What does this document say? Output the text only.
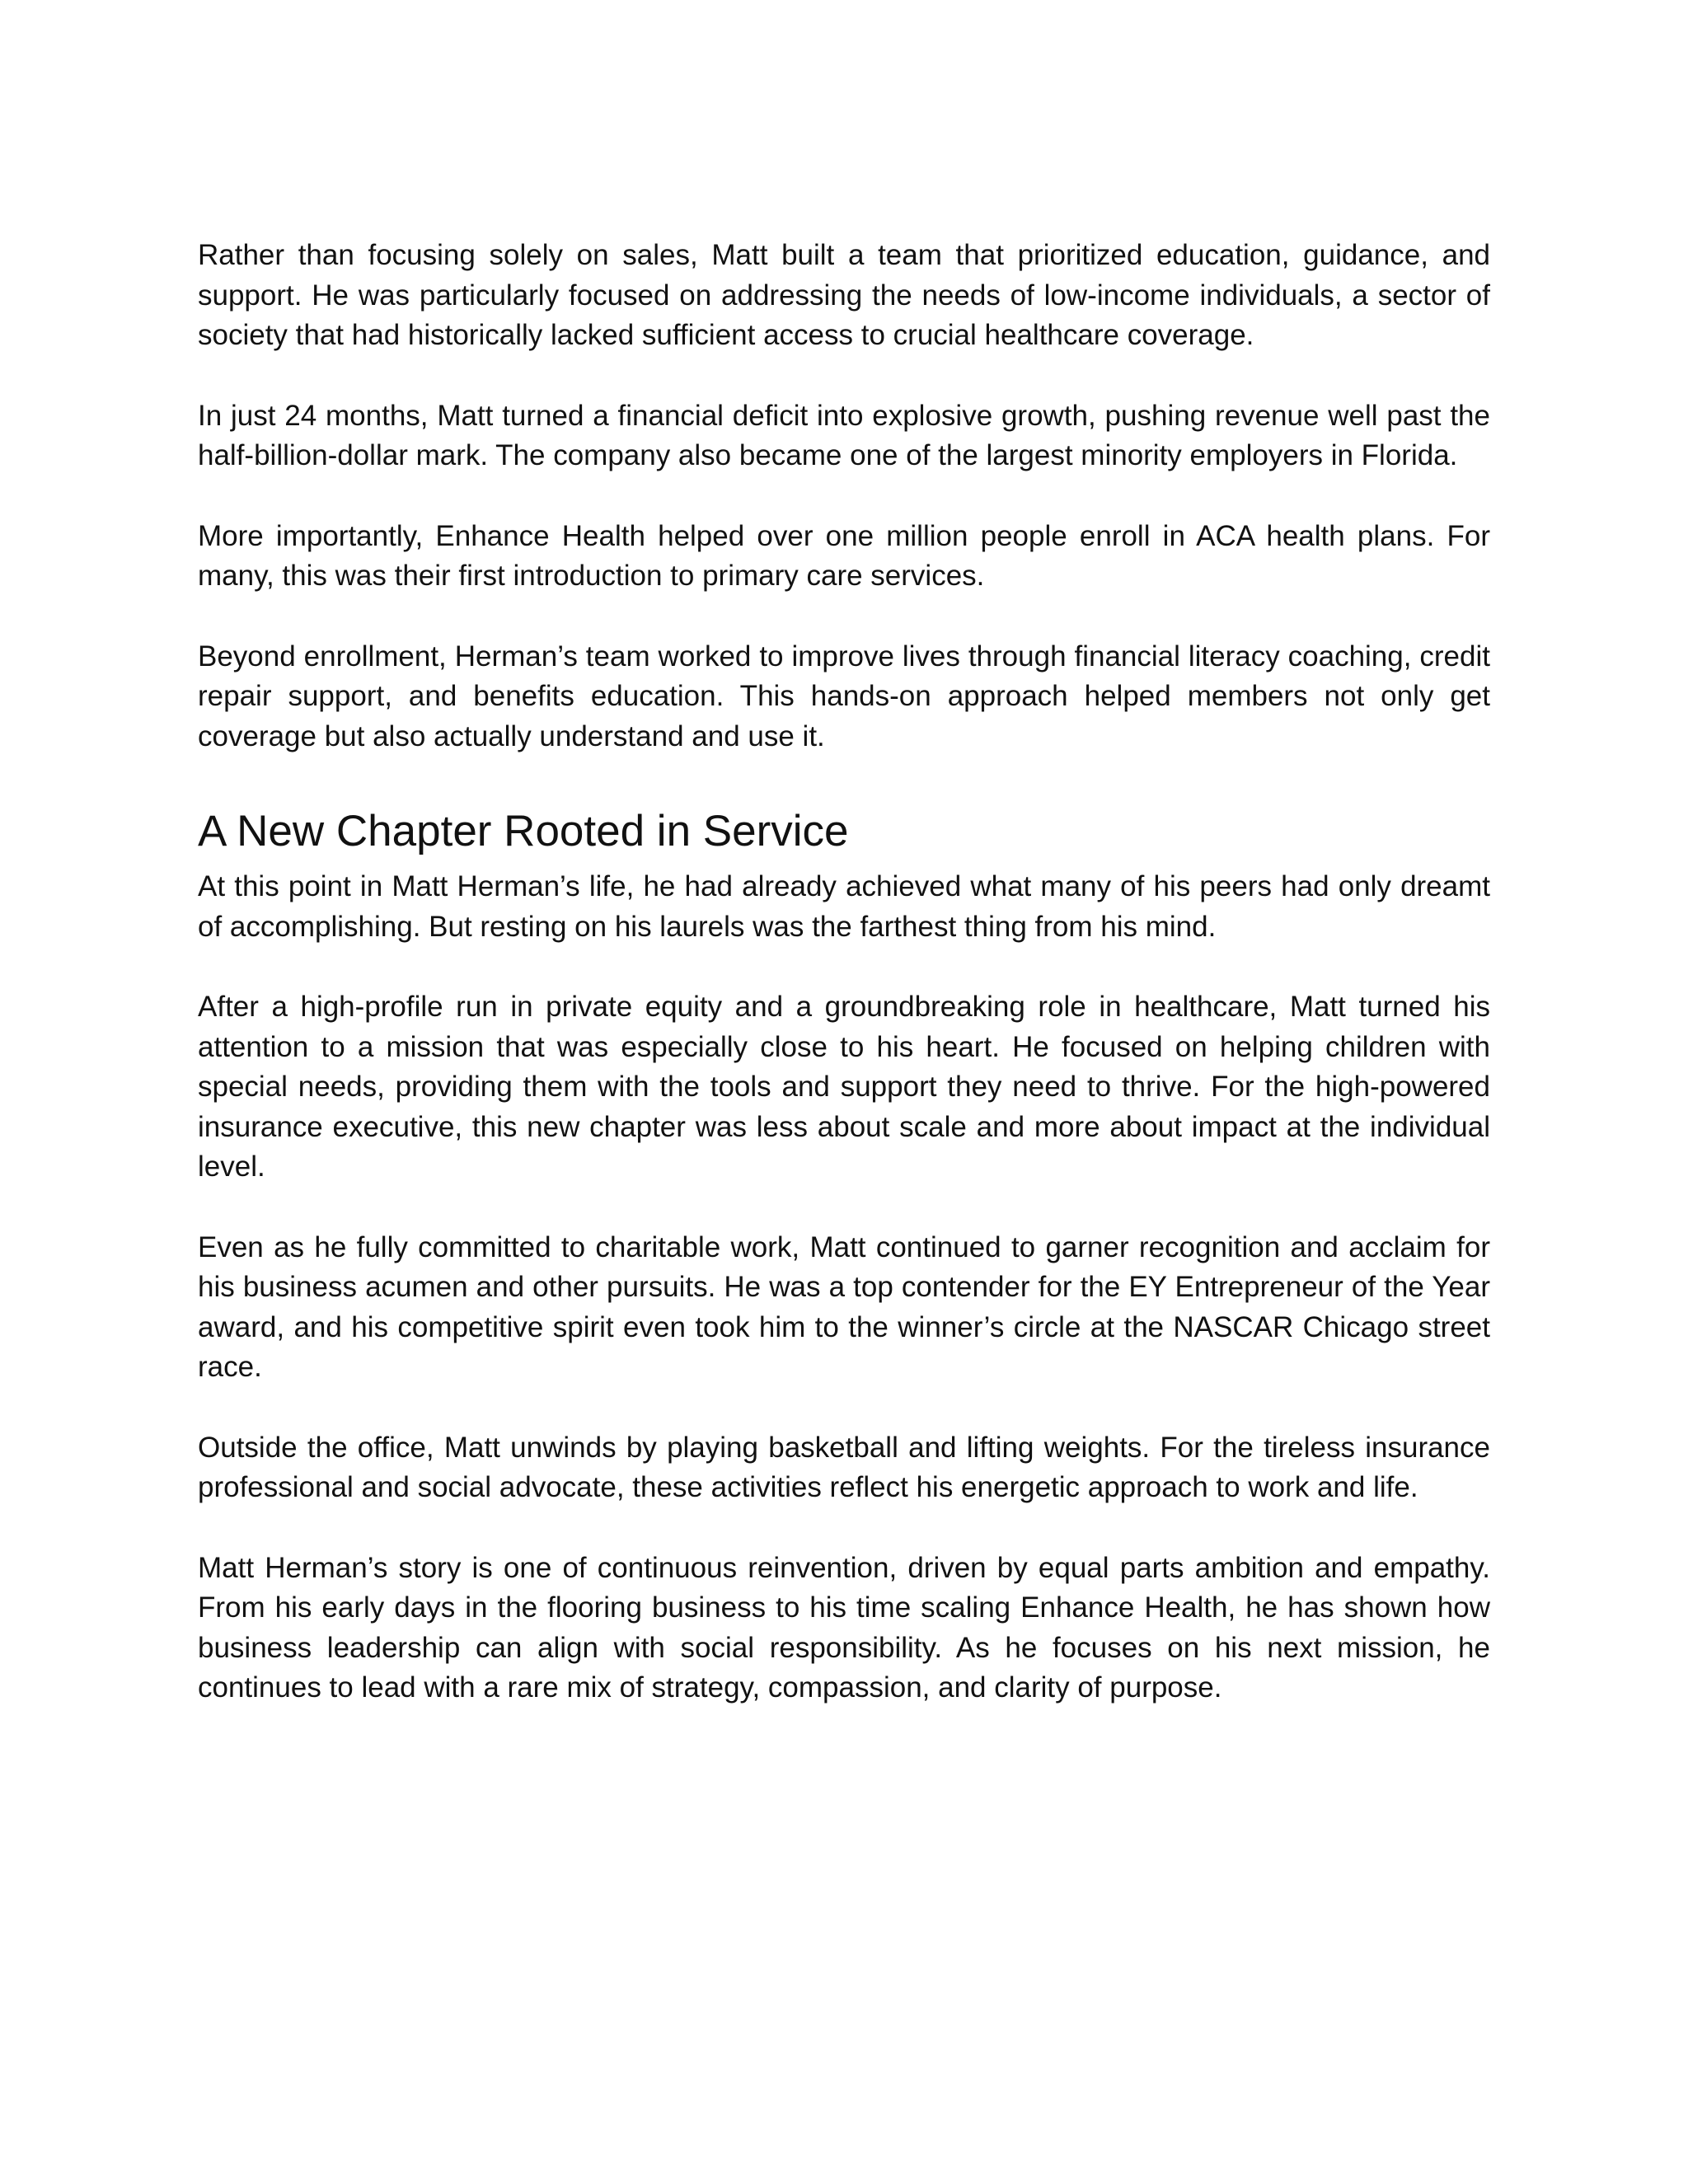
Rather than focusing solely on sales, Matt built a team that prioritized education, guidance, and support. He was particularly focused on addressing the needs of low-income individuals, a sector of society that had historically lacked sufficient access to crucial healthcare coverage.

In just 24 months, Matt turned a financial deficit into explosive growth, pushing revenue well past the half-billion-dollar mark. The company also became one of the largest minority employers in Florida.

More importantly, Enhance Health helped over one million people enroll in ACA health plans. For many, this was their first introduction to primary care services.

Beyond enrollment, Herman’s team worked to improve lives through financial literacy coaching, credit repair support, and benefits education. This hands-on approach helped members not only get coverage but also actually understand and use it.

A New Chapter Rooted in Service

At this point in Matt Herman’s life, he had already achieved what many of his peers had only dreamt of accomplishing. But resting on his laurels was the farthest thing from his mind.

After a high-profile run in private equity and a groundbreaking role in healthcare, Matt turned his attention to a mission that was especially close to his heart. He focused on helping children with special needs, providing them with the tools and support they need to thrive. For the high-powered insurance executive, this new chapter was less about scale and more about impact at the individual level.

Even as he fully committed to charitable work, Matt continued to garner recognition and acclaim for his business acumen and other pursuits. He was a top contender for the EY Entrepreneur of the Year award, and his competitive spirit even took him to the winner’s circle at the NASCAR Chicago street race.

Outside the office, Matt unwinds by playing basketball and lifting weights. For the tireless insurance professional and social advocate, these activities reflect his energetic approach to work and life.

Matt Herman’s story is one of continuous reinvention, driven by equal parts ambition and empathy. From his early days in the flooring business to his time scaling Enhance Health, he has shown how business leadership can align with social responsibility. As he focuses on his next mission, he continues to lead with a rare mix of strategy, compassion, and clarity of purpose.
